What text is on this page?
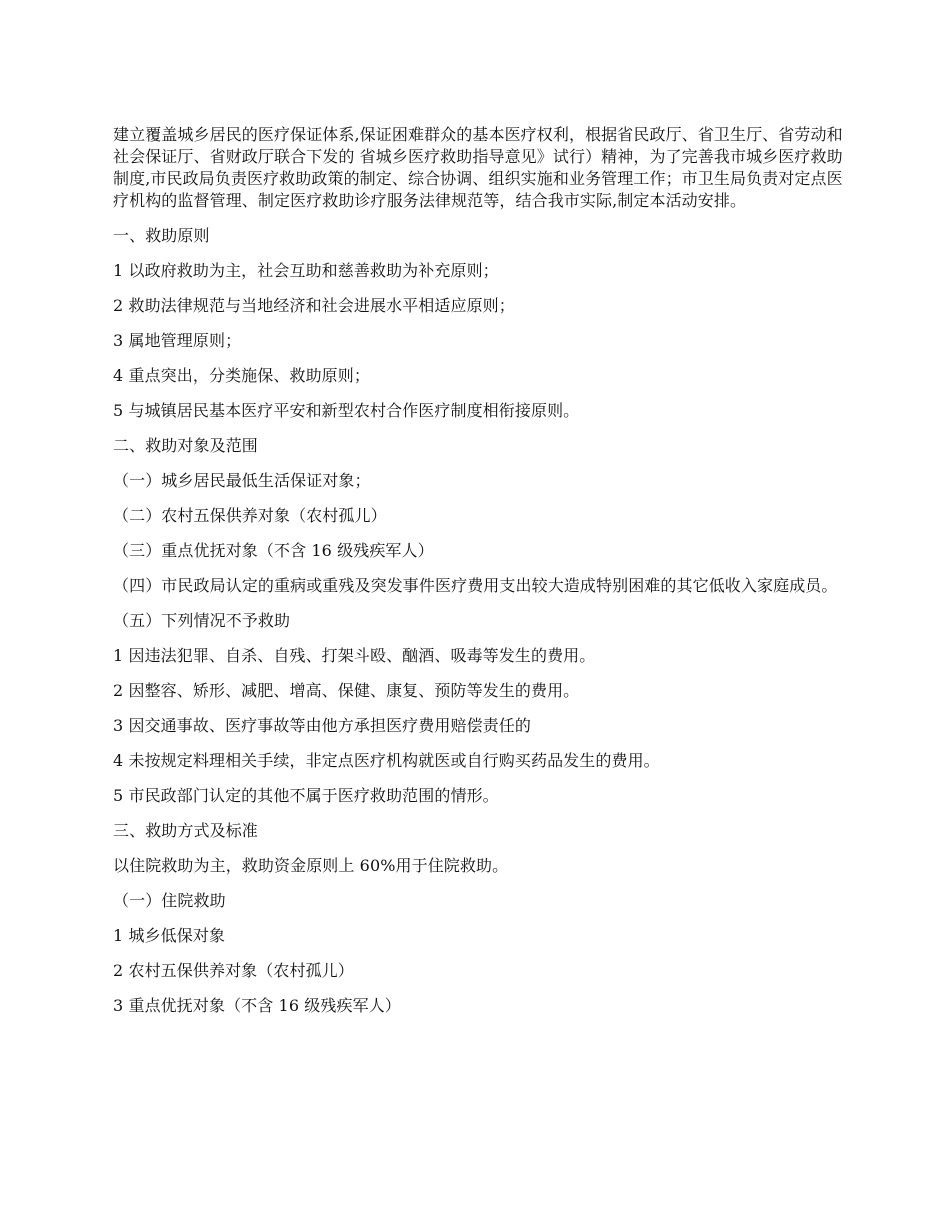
建立覆盖城乡居民的医疗保证体系,保证困难群众的基本医疗权利，根据省民政厅、省卫生厅、省劳动和社会保证厅、省财政厅联合下发的 省城乡医疗救助指导意见》试行）精神，为了完善我市城乡医疗救助制度,市民政局负责医疗救助政策的制定、综合协调、组织实施和业务管理工作；市卫生局负责对定点医疗机构的监督管理、制定医疗救助诊疗服务法律规范等，结合我市实际,制定本活动安排。

一、救助原则

1 以政府救助为主，社会互助和慈善救助为补充原则；

2 救助法律规范与当地经济和社会进展水平相适应原则；

3 属地管理原则；

4 重点突出，分类施保、救助原则；

5 与城镇居民基本医疗平安和新型农村合作医疗制度相衔接原则。

二、救助对象及范围

（一）城乡居民最低生活保证对象；

（二）农村五保供养对象（农村孤儿）

（三）重点优抚对象（不含 16 级残疾军人）

（四）市民政局认定的重病或重残及突发事件医疗费用支出较大造成特别困难的其它低收入家庭成员。

（五）下列情况不予救助

1 因违法犯罪、自杀、自残、打架斗殴、酗酒、吸毒等发生的费用。

2 因整容、矫形、减肥、增高、保健、康复、预防等发生的费用。

3 因交通事故、医疗事故等由他方承担医疗费用赔偿责任的

4 未按规定料理相关手续，非定点医疗机构就医或自行购买药品发生的费用。

5 市民政部门认定的其他不属于医疗救助范围的情形。

三、救助方式及标准

以住院救助为主，救助资金原则上 60%用于住院救助。

（一）住院救助

1 城乡低保对象

2 农村五保供养对象（农村孤儿）

3 重点优抚对象（不含 16 级残疾军人）
